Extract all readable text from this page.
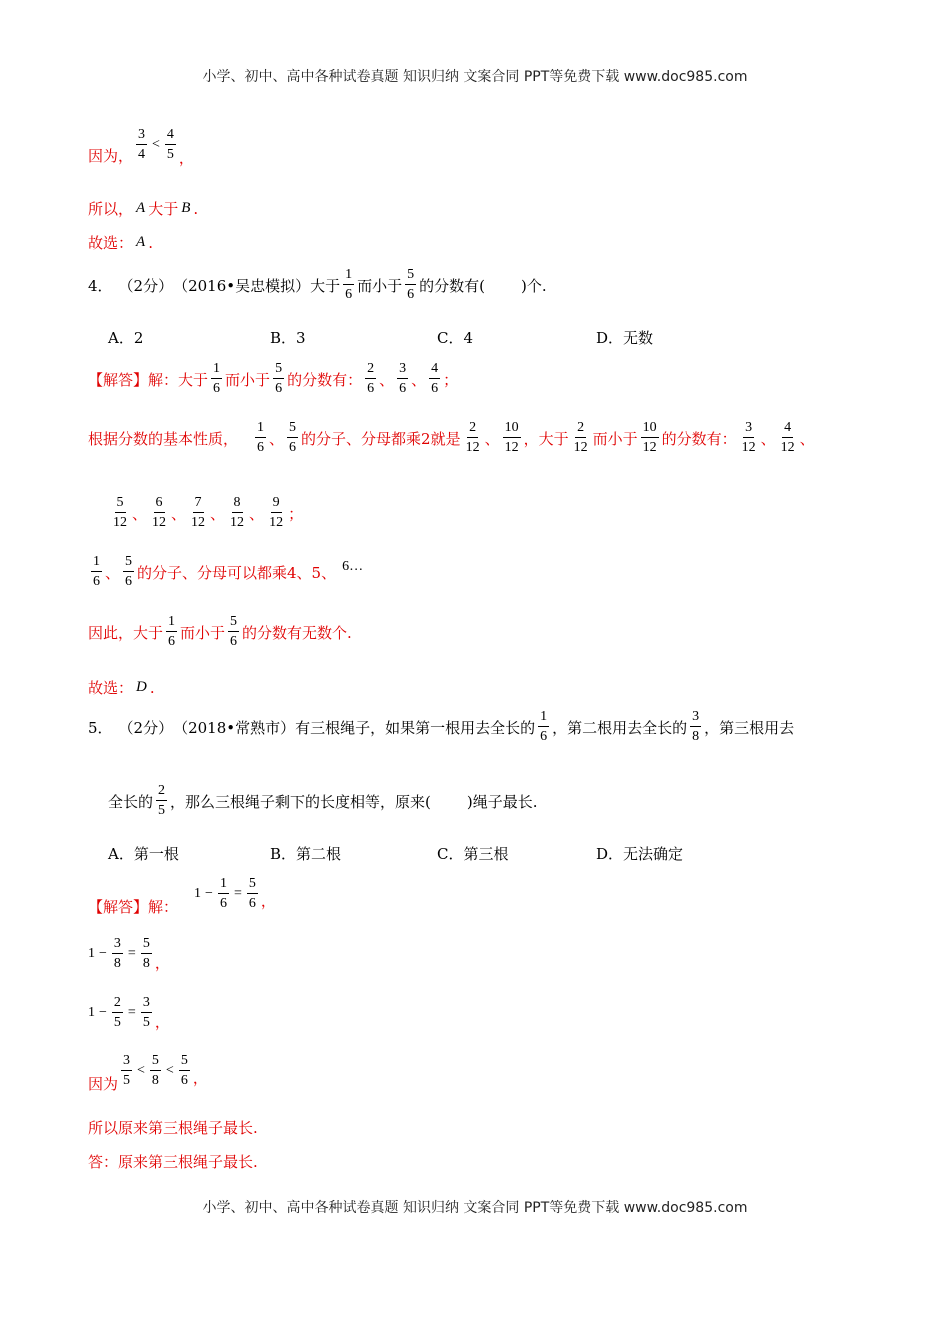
小学、初中、高中各种试卷真题 知识归纳 文案合同 PPT等免费下载 www.doc985.com
因为， $\frac{3}{4} < \frac{4}{5}$ ，
所以， A 大于 B .
故选： A .
4． （2分） （2016•吴忠模拟） 大于 $\frac{1}{6}$ 而小于 $\frac{5}{6}$ 的分数有( )个.
A．2	B．3	C．4	D．无数
【解答】 解： 大于 $\frac{1}{6}$ 而小于 $\frac{5}{6}$ 的分数有： $\frac{2}{6}$ 、 $\frac{3}{6}$ 、 $\frac{4}{6}$ ；
根据分数的基本性质， $\frac{1}{6}$ 、 $\frac{5}{6}$ 的分子、分母都乘2就是 $\frac{2}{12}$ 、 $\frac{10}{12}$ ，大于 $\frac{2}{12}$ 而小于 $\frac{10}{12}$ 的分数有： $\frac{3}{12}$ 、 $\frac{4}{12}$ 、
$\frac{5}{12}$ 、 $\frac{6}{12}$ 、 $\frac{7}{12}$ 、 $\frac{8}{12}$ 、 $\frac{9}{12}$ ；
$\frac{1}{6}$ 、 $\frac{5}{6}$ 的分子、分母可以都乘4、5、 6…
因此，大于 $\frac{1}{6}$ 而小于 $\frac{5}{6}$ 的分数有无数个.
故选： D .
5． （2分） （2018•常熟市） 有三根绳子，如果第一根用去全长的 $\frac{1}{6}$ ，第二根用去全长的 $\frac{3}{8}$ ，第三根用去
全长的 $\frac{2}{5}$ ，那么三根绳子剩下的长度相等，原来( )绳子最长.
A．第一根	B．第二根	C．第三根	D．无法确定
【解答】 解：
$1 - \frac{1}{6} = \frac{5}{6}$ ，
$1 - \frac{3}{8} = \frac{5}{8}$ ，
$1 - \frac{2}{5} = \frac{3}{5}$ ，
因为 $\frac{3}{5} < \frac{5}{8} < \frac{5}{6}$ ，
所以原来第三根绳子最长.
答：原来第三根绳子最长.
小学、初中、高中各种试卷真题 知识归纳 文案合同 PPT等免费下载 www.doc985.com
